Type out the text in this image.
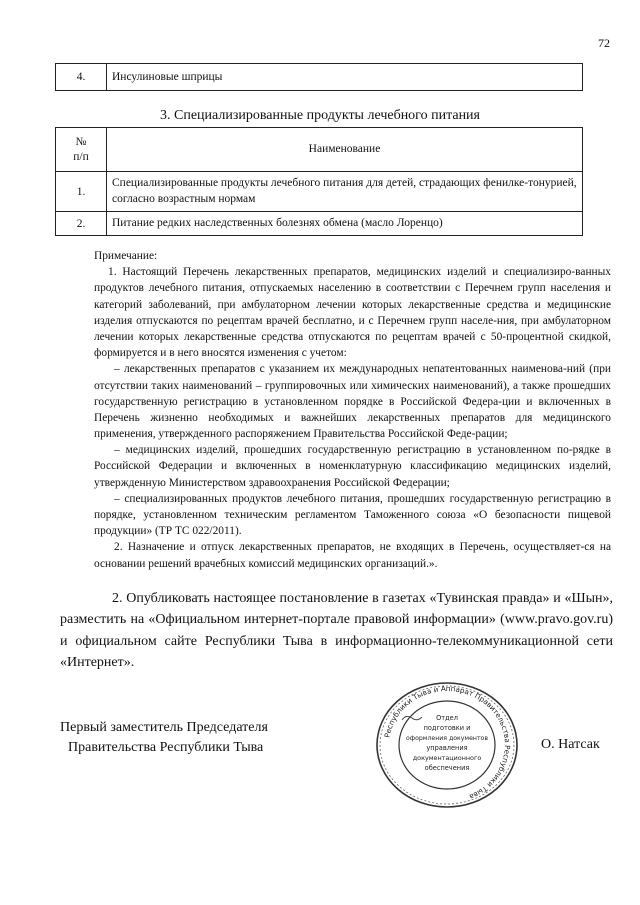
72
4.	Инсулиновые шприцы
3. Специализированные продукты лечебного питания
№
п/п	Наименование
1.	Специализированные продукты лечебного питания для детей, страдающих фенилке-тонурией, согласно возрастным нормам
2.	Питание редких наследственных болезнях обмена (масло Лоренцо)

Примечание:

1. Настоящий Перечень лекарственных препаратов, медицинских изделий и специализиро-ванных продуктов лечебного питания, отпускаемых населению в соответствии с Перечнем групп населения и категорий заболеваний, при амбулаторном лечении которых лекарственные средства и медицинские изделия отпускаются по рецептам врачей бесплатно, и с Перечнем групп населе-ния, при амбулаторном лечении которых лекарственные средства отпускаются по рецептам врачей с 50-процентной скидкой, формируется и в него вносятся изменения с учетом:

– лекарственных препаратов с указанием их международных непатентованных наименова-ний (при отсутствии таких наименований – группировочных или химических наименований), а также прошедших государственную регистрацию в установленном порядке в Российской Федера-ции и включенных в Перечень жизненно необходимых и важнейших лекарственных препаратов для медицинского применения, утвержденного распоряжением Правительства Российской Феде-рации;

– медицинских изделий, прошедших государственную регистрацию в установленном по-рядке в Российской Федерации и включенных в номенклатурную классификацию медицинских изделий, утвержденную Министерством здравоохранения Российской Федерации;

– специализированных продуктов лечебного питания, прошедших государственную регистрацию в порядке, установленном техническим регламентом Таможенного союза «О безопасности пищевой продукции» (ТР ТС 022/2011).

2. Назначение и отпуск лекарственных препаратов, не входящих в Перечень, осуществляет-ся на основании решений врачебных комиссий медицинских организаций.».

2. Опубликовать настоящее постановление в газетах «Тувинская правда» и «Шын», разместить на «Официальном интернет-портале правовой информации» (www.pravo.gov.ru) и официальном сайте Республики Тыва в информационно-телекоммуникационной сети «Интернет».

Первый заместитель Председателя
Правительства Республики Тыва
Республики Тыва и Аппарат Правительства Республики Тыва
Отдел
подготовки и
оформления документов
управления
документационного
обеспечения
О. Натсак
